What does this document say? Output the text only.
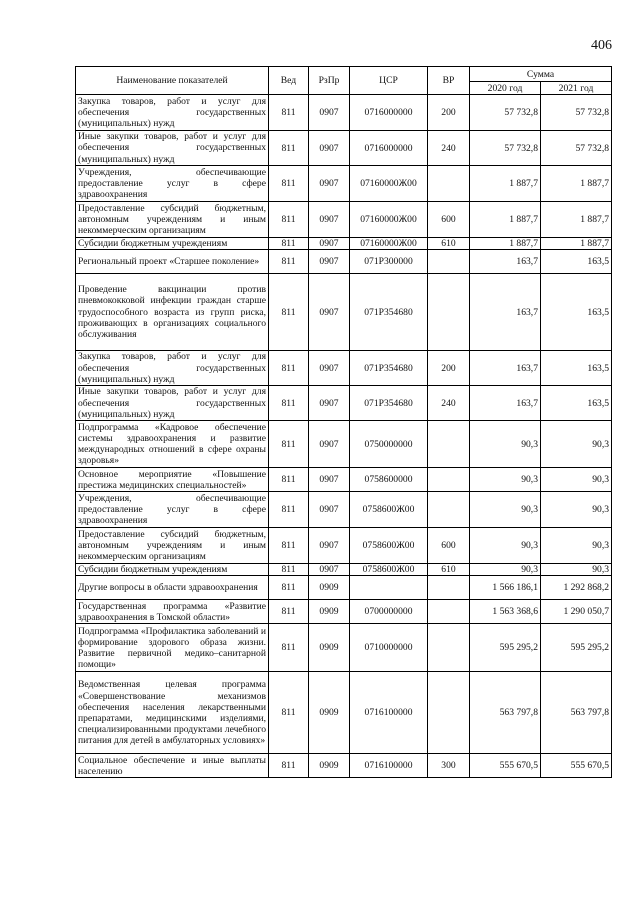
406
Наименование показателей	Вед	РзПр	ЦСР	ВР	Сумма	
					2020 год	2021 год
Закупка товаров, работ и услуг для обеспечения государственных (муниципальных) нужд	811	0907	0716000000	200	57 732,8	57 732,8
Иные закупки товаров, работ и услуг для обеспечения государственных (муниципальных) нужд	811	0907	0716000000	240	57 732,8	57 732,8
Учреждения, обеспечивающие предоставление услуг в сфере здравоохранения	811	0907	07160000Ж00		1 887,7	1 887,7
Предоставление субсидий бюджетным, автономным учреждениям и иным некоммерческим организациям	811	0907	07160000Ж00	600	1 887,7	1 887,7
Субсидии бюджетным учреждениям	811	0907	07160000Ж00	610	1 887,7	1 887,7
Региональный проект «Старшее поколение»	811	0907	071P300000		163,7	163,5
Проведение вакцинации против пневмококковой инфекции граждан старше трудоспособного возраста из групп риска, проживающих в организациях социального обслуживания	811	0907	071P354680		163,7	163,5
Закупка товаров, работ и услуг для обеспечения государственных (муниципальных) нужд	811	0907	071P354680	200	163,7	163,5
Иные закупки товаров, работ и услуг для обеспечения государственных (муниципальных) нужд	811	0907	071P354680	240	163,7	163,5
Подпрограмма «Кадровое обеспечение системы здравоохранения и развитие международных отношений в сфере охраны здоровья»	811	0907	0750000000		90,3	90,3
Основное мероприятие «Повышение престижа медицинских специальностей»	811	0907	0758600000		90,3	90,3
Учреждения, обеспечивающие предоставление услуг в сфере здравоохранения	811	0907	0758600Ж00		90,3	90,3
Предоставление субсидий бюджетным, автономным учреждениям и иным некоммерческим организациям	811	0907	0758600Ж00	600	90,3	90,3
Субсидии бюджетным учреждениям	811	0907	0758600Ж00	610	90,3	90,3
Другие вопросы в области здравоохранения	811	0909			1 566 186,1	1 292 868,2
Государственная программа «Развитие здравоохранения в Томской области»	811	0909	0700000000		1 563 368,6	1 290 050,7
Подпрограмма «Профилактика заболеваний и формирование здорового образа жизни. Развитие первичной медико–санитарной помощи»	811	0909	0710000000		595 295,2	595 295,2
Ведомственная целевая программа «Совершенствование механизмов обеспечения населения лекарственными препаратами, медицинскими изделиями, специализированными продуктами лечебного питания для детей в амбулаторных условиях»	811	0909	0716100000		563 797,8	563 797,8
Социальное обеспечение и иные выплаты населению	811	0909	0716100000	300	555 670,5	555 670,5
